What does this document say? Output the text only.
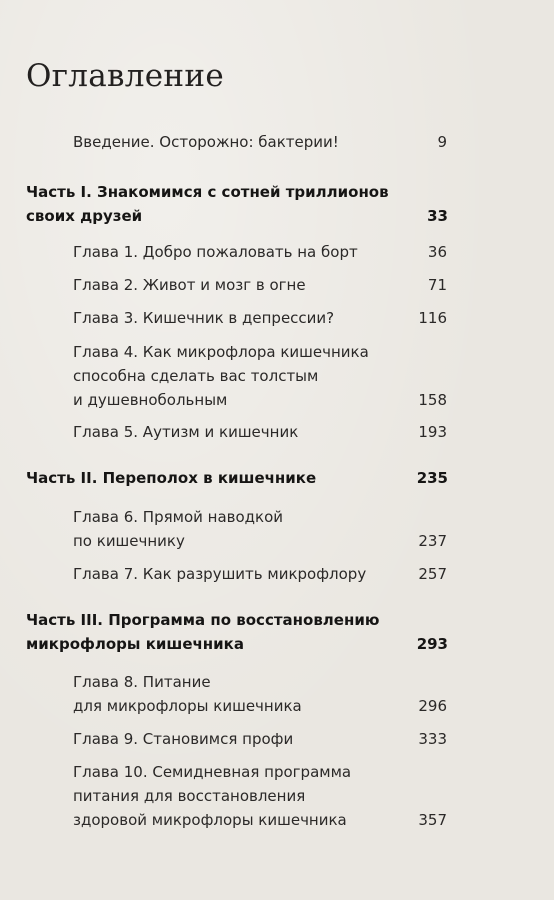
Оглавление
Введение. Осторожно: бактерии!	9
Часть I. Знакомимся с сотней триллионов
своих друзей	33
Глава 1. Добро пожаловать на борт	36
Глава 2. Живот и мозг в огне	71
Глава 3. Кишечник в депрессии?	116
Глава 4. Как микрофлора кишечника
способна сделать вас толстым
и душевнобольным	158
Глава 5. Аутизм и кишечник	193
Часть II. Переполох в кишечнике	235
Глава 6. Прямой наводкой
по кишечнику	237
Глава 7. Как разрушить микрофлору	257
Часть III. Программа по восстановлению
микрофлоры кишечника	293
Глава 8. Питание
для микрофлоры кишечника	296
Глава 9. Становимся профи	333
Глава 10. Семидневная программа
питания для восстановления
здоровой микрофлоры кишечника	357
